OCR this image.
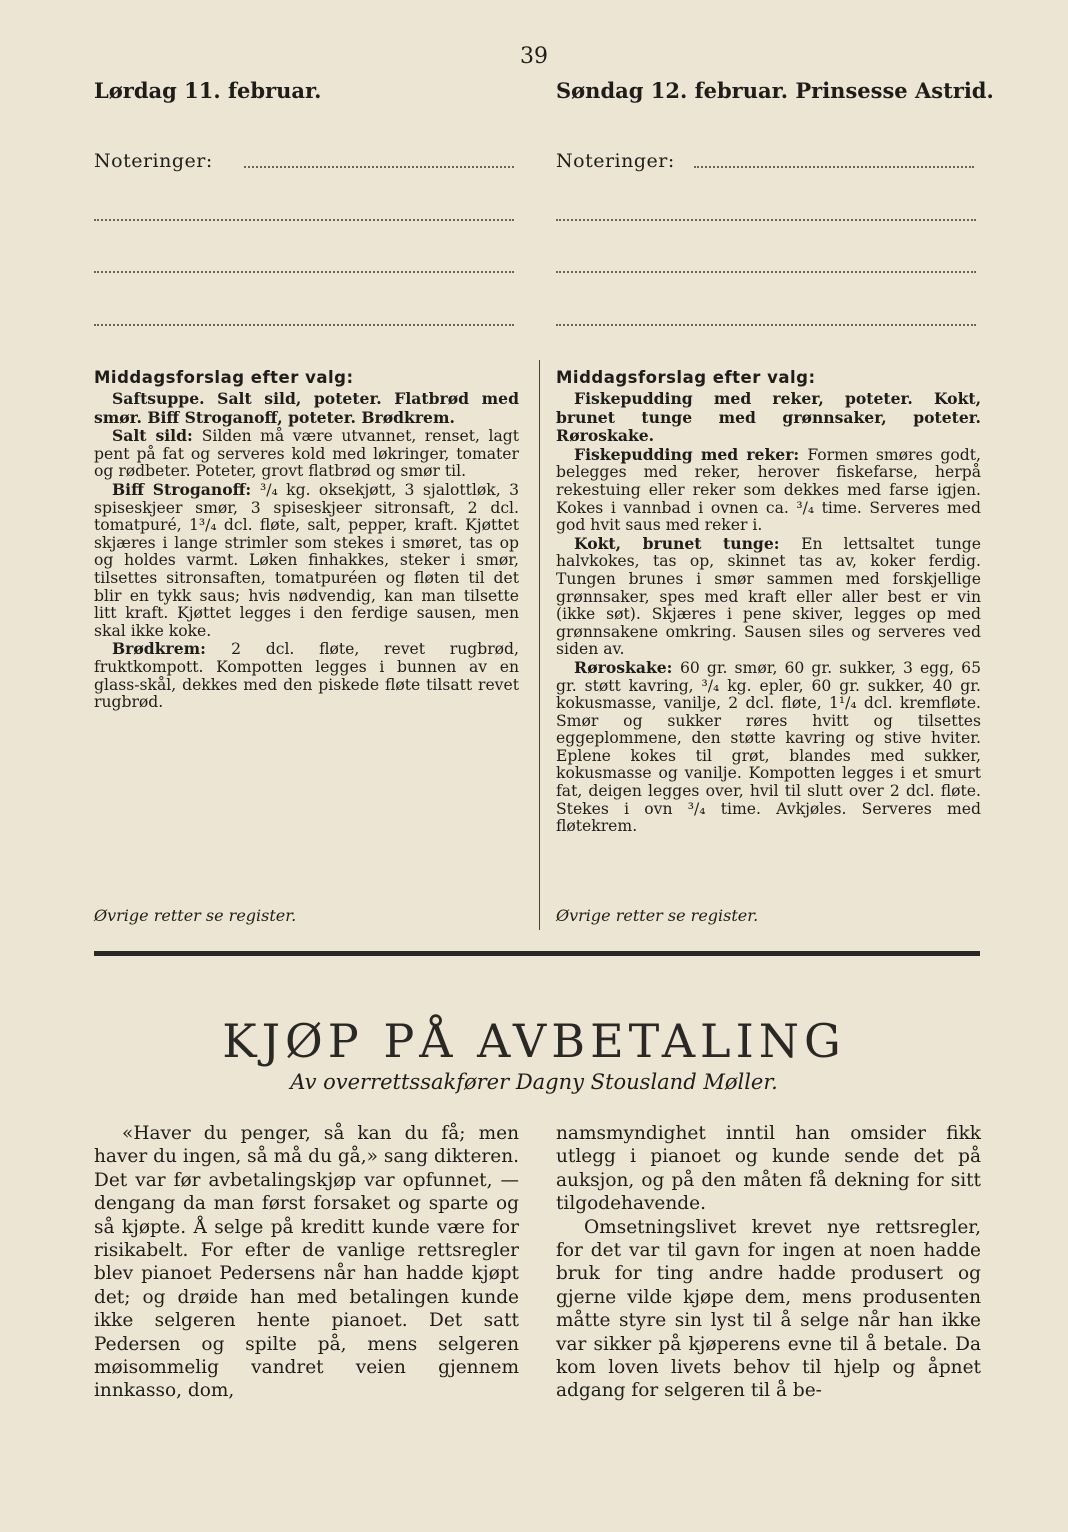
39
Lørdag 11. februar.
Noteringer:
Middagsforslag efter valg:

Saftsuppe. Salt sild, poteter. Flatbrød med smør. Biff Stroganoff, poteter. Brødkrem.

Salt sild: Silden må være utvannet, renset, lagt pent på fat og serveres kold med løkringer, tomater og rødbeter. Poteter, grovt flatbrød og smør til.

Biff Stroganoff: ³/₄ kg. oksekjøtt, 3 sjalottløk, 3 spiseskjeer smør, 3 spiseskjeer sitronsaft, 2 dcl. tomatpuré, 1³/₄ dcl. fløte, salt, pepper, kraft. Kjøttet skjæres i lange strimler som stekes i smøret, tas op og holdes varmt. Løken finhakkes, steker i smør, tilsettes sitronsaften, tomatpuréen og fløten til det blir en tykk saus; hvis nødvendig, kan man tilsette litt kraft. Kjøttet legges i den ferdige sausen, men skal ikke koke.

Brødkrem: 2 dcl. fløte, revet rugbrød, fruktkompott. Kompotten legges i bunnen av en glass-skål, dekkes med den piskede fløte tilsatt revet rugbrød.

Øvrige retter se register.
Søndag 12. februar. Prinsesse Astrid.
Noteringer:
Middagsforslag efter valg:

Fiskepudding med reker, poteter. Kokt, brunet tunge med grønnsaker, poteter. Røroskake.

Fiskepudding med reker: Formen smøres godt, belegges med reker, herover fiskefarse, herpå rekestuing eller reker som dekkes med farse igjen. Kokes i vannbad i ovnen ca. ³/₄ time. Serveres med god hvit saus med reker i.

Kokt, brunet tunge: En lettsaltet tunge halvkokes, tas op, skinnet tas av, koker ferdig. Tungen brunes i smør sammen med forskjellige grønnsaker, spes med kraft eller aller best er vin (ikke søt). Skjæres i pene skiver, legges op med grønnsakene omkring. Sausen siles og serveres ved siden av.

Røroskake: 60 gr. smør, 60 gr. sukker, 3 egg, 65 gr. støtt kavring, ³/₄ kg. epler, 60 gr. sukker, 40 gr. kokusmasse, vanilje, 2 dcl. fløte, 1¹/₄ dcl. kremfløte. Smør og sukker røres hvitt og tilsettes eggeplommene, den støtte kavring og stive hviter. Eplene kokes til grøt, blandes med sukker, kokusmasse og vanilje. Kompotten legges i et smurt fat, deigen legges over, hvil til slutt over 2 dcl. fløte. Stekes i ovn ³/₄ time. Avkjøles. Serveres med fløtekrem.

Øvrige retter se register.
KJØP PÅ AVBETALING
Av overrettssakfører Dagny Stousland Møller.

«Haver du penger, så kan du få; men haver du ingen, så må du gå,» sang dikteren. Det var før avbetalingskjøp var opfunnet, — dengang da man først forsaket og sparte og så kjøpte. Å selge på kreditt kunde være for risikabelt. For efter de vanlige rettsregler blev pianoet Pedersens når han hadde kjøpt det; og drøide han med betalingen kunde ikke selgeren hente pianoet. Det satt Pedersen og spilte på, mens selgeren møisommelig vandret veien gjennem innkasso, dom,

namsmyndighet inntil han omsider fikk utlegg i pianoet og kunde sende det på auksjon, og på den måten få dekning for sitt tilgodehavende.

Omsetningslivet krevet nye rettsregler, for det var til gavn for ingen at noen hadde bruk for ting andre hadde produsert og gjerne vilde kjøpe dem, mens produsenten måtte styre sin lyst til å selge når han ikke var sikker på kjøperens evne til å betale. Da kom loven livets behov til hjelp og åpnet adgang for selgeren til å be-
